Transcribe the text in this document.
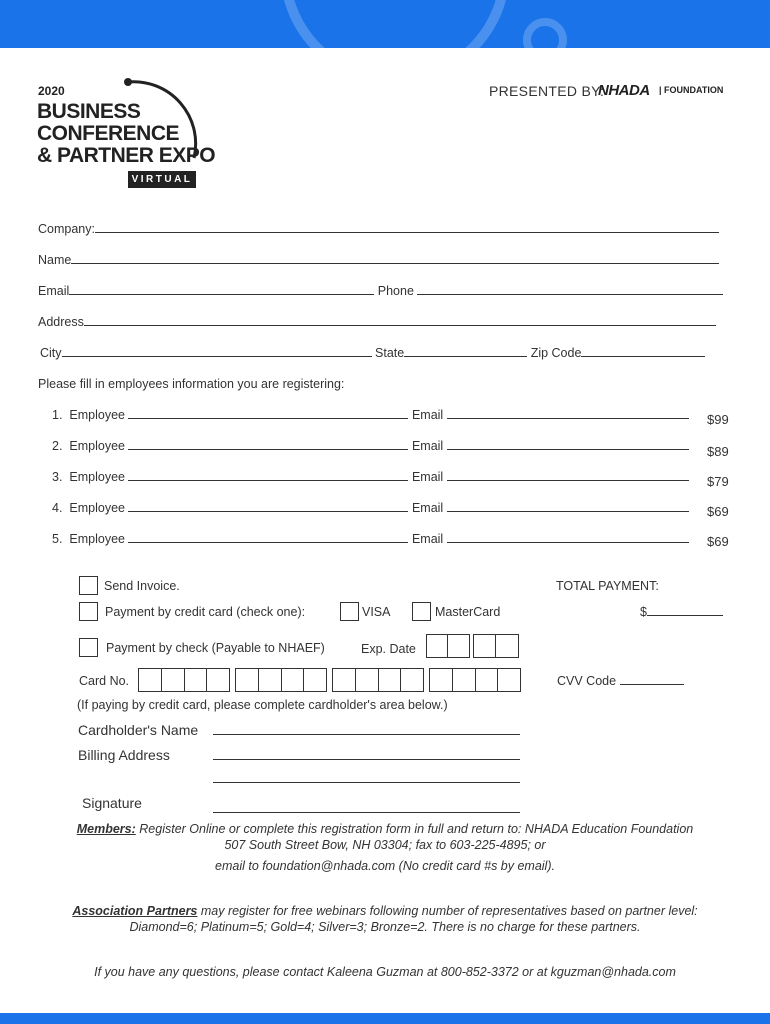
2020
BUSINESS
CONFERENCE
& PARTNER EXPO
VIRTUAL
PRESENTED BY:
NHADA | FOUNDATION
Company:
Name
Email	Phone
Address
City	State	Zip Code
Please fill in employees information you are registering:
1. Employee	Email	$99
2. Employee	Email	$89
3. Employee	Email	$79
4. Employee	Email	$69
5. Employee	Email	$69
Send Invoice.	TOTAL PAYMENT:
Payment by credit card (check one):	VISA	MasterCard	$
Payment by check (Payable to NHAEF)	Exp. Date
Card No.	CVV Code
(If paying by credit card, please complete cardholder's area below.)
Cardholder's Name
Billing Address
Signature
Members: Register Online or complete this registration form in full and return to: NHADA Education Foundation
507 South Street Bow, NH 03304; fax to 603-225-4895; or
email to foundation@nhada.com (No credit card #s by email).
Association Partners may register for free webinars following number of representatives based on partner level:
Diamond=6; Platinum=5; Gold=4; Silver=3; Bronze=2. There is no charge for these partners.
If you have any questions, please contact Kaleena Guzman at 800-852-3372 or at kguzman@nhada.com
